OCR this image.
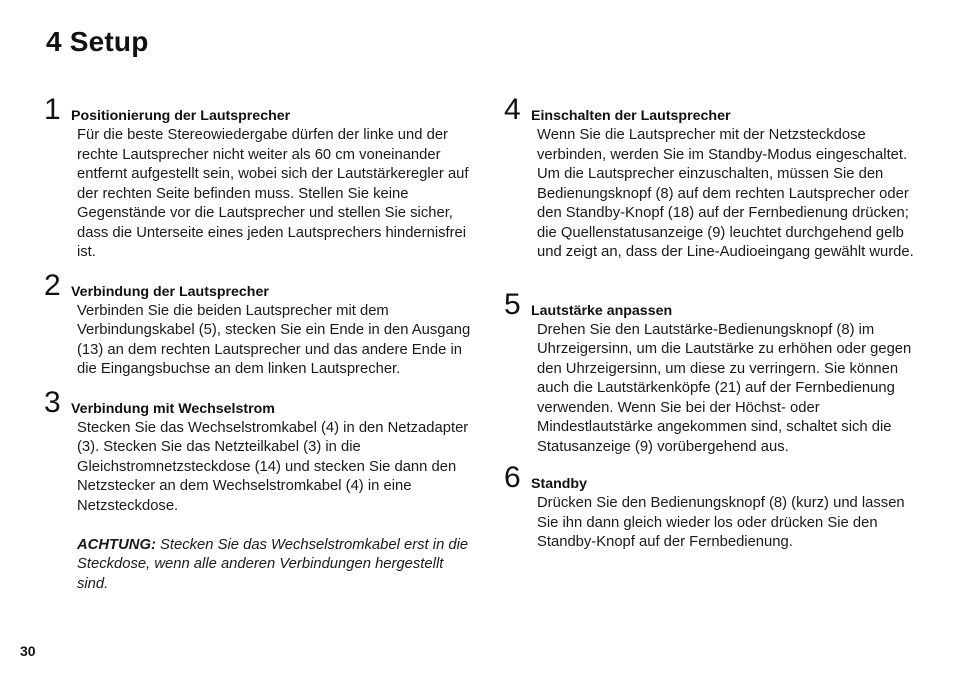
4 Setup
1 Positionierung der Lautsprecher

Für die beste Stereowiedergabe dürfen der linke und der rechte Lautsprecher nicht weiter als 60 cm voneinander entfernt aufgestellt sein, wobei sich der Lautstärkeregler auf der rechten Seite befinden muss. Stellen Sie keine Gegenstände vor die Lautsprecher und stellen Sie sicher, dass die Unterseite eines jeden Lautsprechers hindernisfrei ist.

2 Verbindung der Lautsprecher

Verbinden Sie die beiden Lautsprecher mit dem Verbindungskabel (5), stecken Sie ein Ende in den Ausgang (13) an dem rechten Lautsprecher und das andere Ende in die Eingangsbuchse an dem linken Lautsprecher.

3 Verbindung mit Wechselstrom

Stecken Sie das Wechselstromkabel (4) in den Netzadapter (3). Stecken Sie das Netzteilkabel (3) in die Gleichstromnetzsteckdose (14) und stecken Sie dann den Netzstecker an dem Wechselstromkabel (4) in eine Netzsteckdose.

ACHTUNG: Stecken Sie das Wechselstromkabel erst in die Steckdose, wenn alle anderen Verbindungen hergestellt sind.

4 Einschalten der Lautsprecher

Wenn Sie die Lautsprecher mit der Netzsteckdose verbinden, werden Sie im Standby-Modus eingeschaltet. Um die Lautsprecher einzuschalten, müssen Sie den Bedienungsknopf (8) auf dem rechten Lautsprecher oder den Standby-Knopf (18) auf der Fernbedienung drücken; die Quellenstatusanzeige (9) leuchtet durchgehend gelb und zeigt an, dass der Line-Audioeingang gewählt wurde.

5 Lautstärke anpassen

Drehen Sie den Lautstärke-Bedienungsknopf (8) im Uhrzeigersinn, um die Lautstärke zu erhöhen oder gegen den Uhrzeigersinn, um diese zu verringern. Sie können auch die Lautstärkenköpfe (21) auf der Fernbedienung verwenden. Wenn Sie bei der Höchst- oder Mindestlautstärke angekommen sind, schaltet sich die Statusanzeige (9) vorübergehend aus.

6 Standby

Drücken Sie den Bedienungsknopf (8) (kurz) und lassen Sie ihn dann gleich wieder los oder drücken Sie den Standby-Knopf auf der Fernbedienung.

30
